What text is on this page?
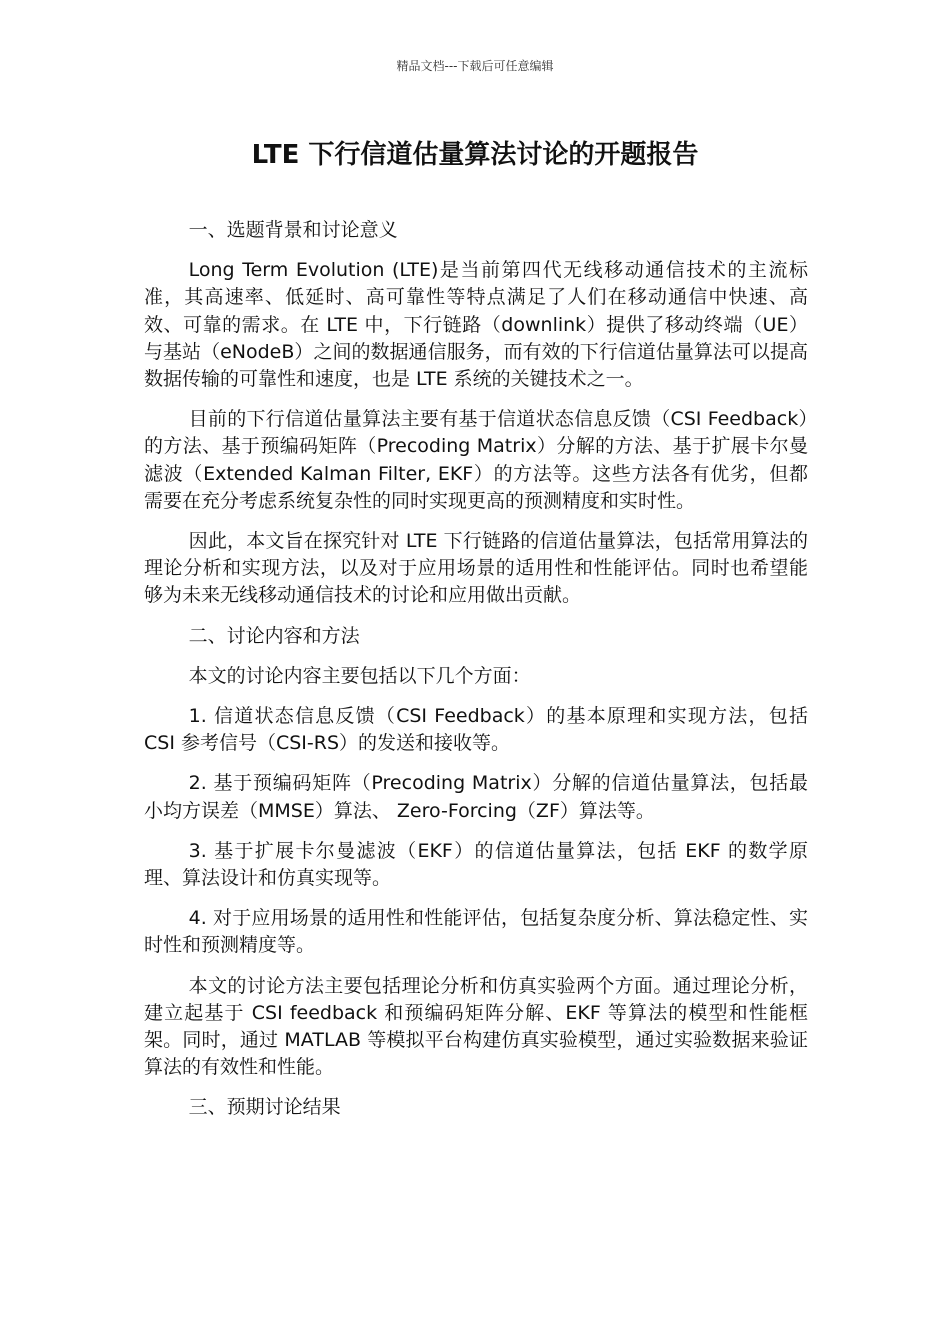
精品文档---下载后可任意编辑
LTE 下行信道估量算法讨论的开题报告

一、选题背景和讨论意义

Long Term Evolution (LTE)是当前第四代无线移动通信技术的主流标准，其高速率、低延时、高可靠性等特点满足了人们在移动通信中快速、高效、可靠的需求。在 LTE 中，下行链路（downlink）提供了移动终端（UE）与基站（eNodeB）之间的数据通信服务，而有效的下行信道估量算法可以提高数据传输的可靠性和速度，也是 LTE 系统的关键技术之一。

目前的下行信道估量算法主要有基于信道状态信息反馈（CSI Feedback）的方法、基于预编码矩阵（Precoding Matrix）分解的方法、基于扩展卡尔曼滤波（Extended Kalman Filter, EKF）的方法等。这些方法各有优劣，但都需要在充分考虑系统复杂性的同时实现更高的预测精度和实时性。

因此，本文旨在探究针对 LTE 下行链路的信道估量算法，包括常用算法的理论分析和实现方法，以及对于应用场景的适用性和性能评估。同时也希望能够为未来无线移动通信技术的讨论和应用做出贡献。

二、讨论内容和方法

本文的讨论内容主要包括以下几个方面：

1. 信道状态信息反馈（CSI Feedback）的基本原理和实现方法，包括 CSI 参考信号（CSI-RS）的发送和接收等。

2. 基于预编码矩阵（Precoding Matrix）分解的信道估量算法，包括最小均方误差（MMSE）算法、 Zero-Forcing（ZF）算法等。

3. 基于扩展卡尔曼滤波（EKF）的信道估量算法，包括 EKF 的数学原理、算法设计和仿真实现等。

4. 对于应用场景的适用性和性能评估，包括复杂度分析、算法稳定性、实时性和预测精度等。

本文的讨论方法主要包括理论分析和仿真实验两个方面。通过理论分析，建立起基于 CSI feedback 和预编码矩阵分解、EKF 等算法的模型和性能框架。同时，通过 MATLAB 等模拟平台构建仿真实验模型，通过实验数据来验证算法的有效性和性能。

三、预期讨论结果
